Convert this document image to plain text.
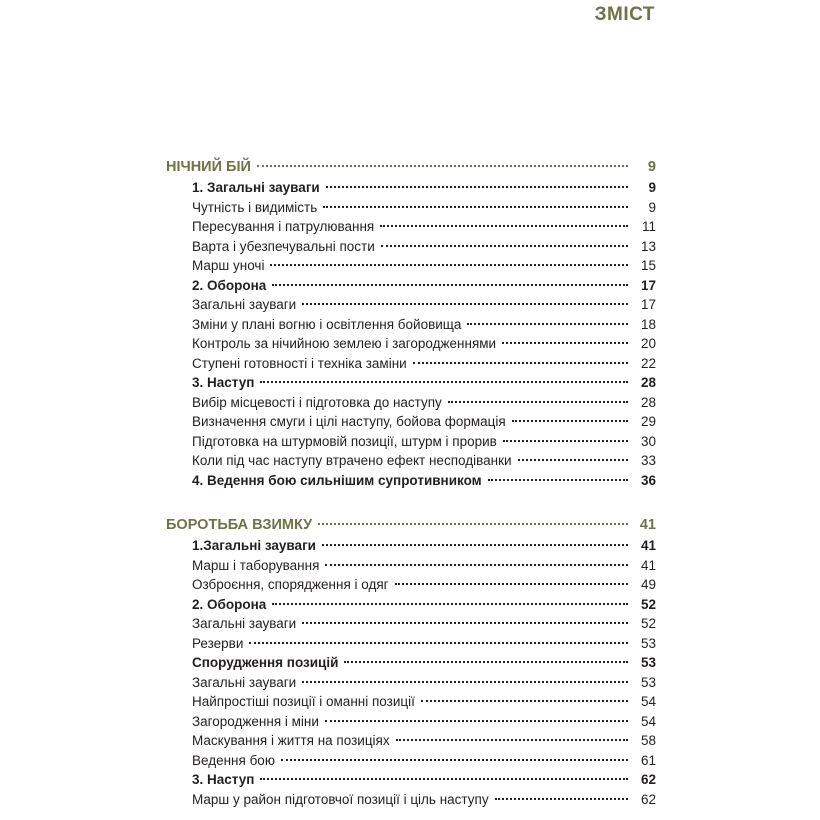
ЗМІСТ
НІЧНИЙ БІЙ	9
1. Загальні зауваги	9
Чутність і видимість	9
Пересування і патрулювання	11
Варта і убезпечувальні пости	13
Марш уночі	15
2. Оборона	17
Загальні зауваги	17
Зміни у плані вогню і освітлення бойовища	18
Контроль за нічийною землею і загородженнями	20
Ступені готовності і техніка заміни	22
3. Наступ	28
Вибір місцевості і підготовка до наступу	28
Визначення смуги і цілі наступу, бойова формація	29
Підготовка на штурмовій позиції, штурм і прорив	30
Коли під час наступу втрачено ефект несподіванки	33
4. Ведення бою сильнішим супротивником	36
БОРОТЬБА ВЗИМКУ	41
1.Загальні зауваги	41
Марш і таборування	41
Озброєння, спорядження і одяг	49
2. Оборона	52
Загальні зауваги	52
Резерви	53
Спорудження позицій	53
Загальні зауваги	53
Найпростіші позиції і оманні позиції	54
Загородження і міни	54
Маскування і життя на позиціях	58
Ведення бою	61
3. Наступ	62
Марш у район підготовчої позиції і ціль наступу	62
